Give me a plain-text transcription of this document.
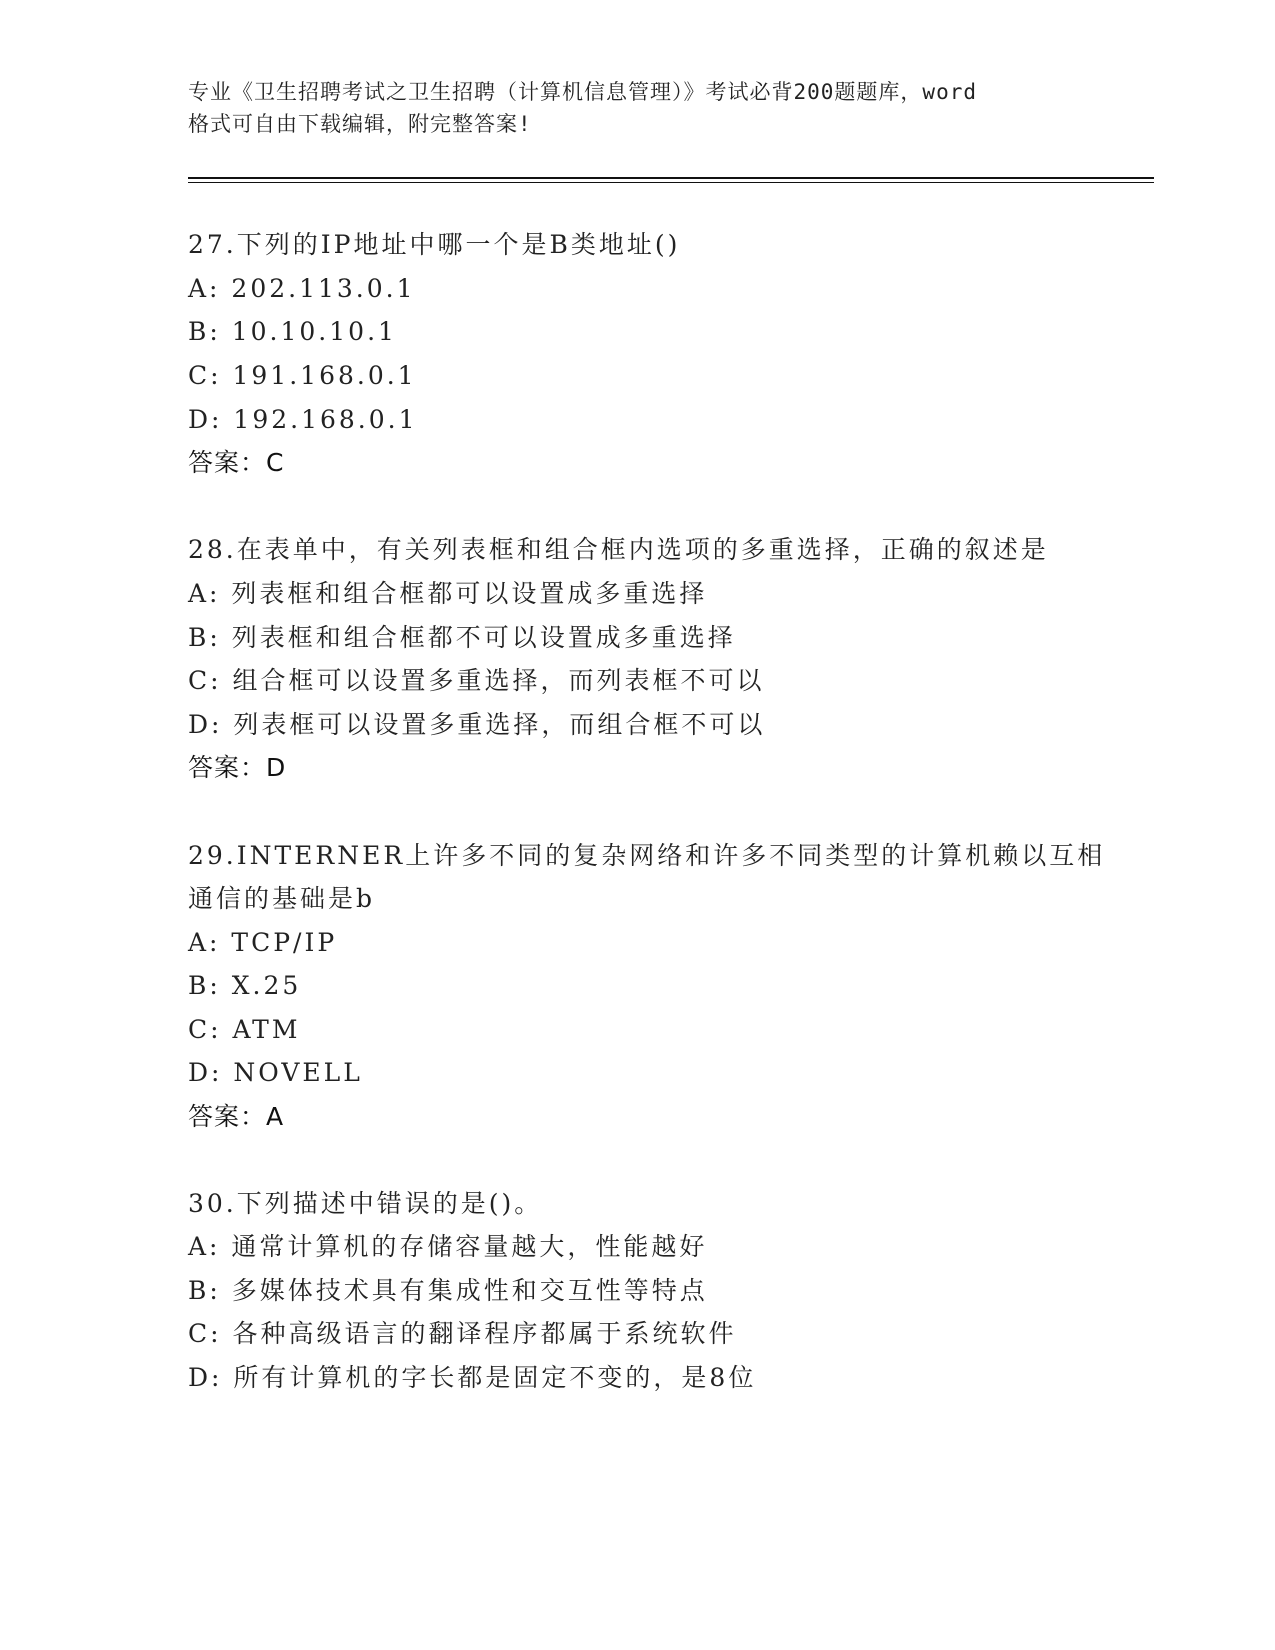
专业《卫生招聘考试之卫生招聘（计算机信息管理）》考试必背200题题库，word
格式可自由下载编辑，附完整答案!
27.下列的IP地址中哪一个是B类地址()
A: 202.113.0.1
B: 10.10.10.1
C: 191.168.0.1
D: 192.168.0.1
答案：C
28.在表单中，有关列表框和组合框内选项的多重选择，正确的叙述是
A: 列表框和组合框都可以设置成多重选择
B: 列表框和组合框都不可以设置成多重选择
C: 组合框可以设置多重选择，而列表框不可以
D: 列表框可以设置多重选择，而组合框不可以
答案：D
29.INTERNER上许多不同的复杂网络和许多不同类型的计算机赖以互相
通信的基础是b
A: TCP/IP
B: X.25
C: ATM
D: NOVELL
答案：A
30.下列描述中错误的是()。
A: 通常计算机的存储容量越大，性能越好
B: 多媒体技术具有集成性和交互性等特点
C: 各种高级语言的翻译程序都属于系统软件
D: 所有计算机的字长都是固定不变的，是8位
